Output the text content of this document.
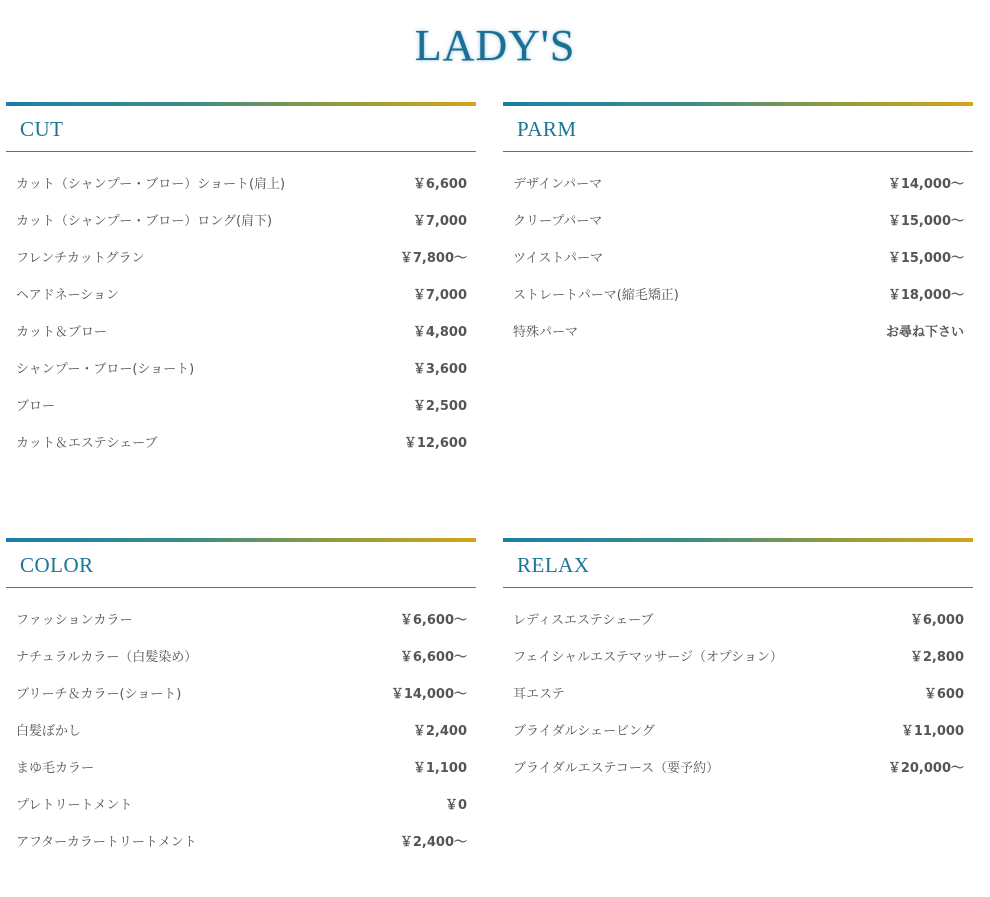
LADY'S
CUT
カット（シャンプー・ブロー）ショート(肩上)	￥6,600
カット（シャンプー・ブロー）ロング(肩下)	￥7,000
フレンチカットグラン	￥7,800～
ヘアドネーション	￥7,000
カット＆ブロー	￥4,800
シャンプー・ブロー(ショート)	￥3,600
ブロー	￥2,500
カット＆エステシェーブ	￥12,600
PARM
デザインパーマ	￥14,000～
クリープパーマ	￥15,000～
ツイストパーマ	￥15,000～
ストレートパーマ(縮毛矯正)	￥18,000～
特殊パーマ	お尋ね下さい
COLOR
ファッションカラー	￥6,600～
ナチュラルカラー（白髪染め）	￥6,600～
ブリーチ＆カラー(ショート)	￥14,000～
白髪ぼかし	￥2,400
まゆ毛カラー	￥1,100
プレトリートメント	￥0
アフターカラートリートメント	￥2,400～
RELAX
レディスエステシェーブ	￥6,000
フェイシャルエステマッサージ（オプション）	￥2,800
耳エステ	￥600
ブライダルシェービング	￥11,000
ブライダルエステコース（要予約）	￥20,000～
